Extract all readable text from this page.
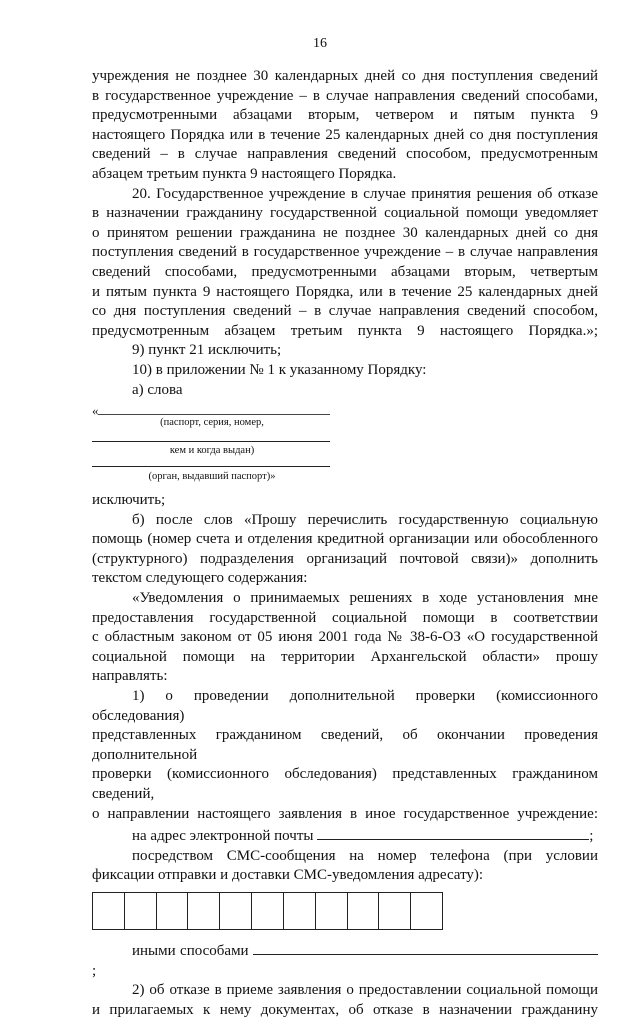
16

учреждения не позднее 30 календарных дней со дня поступления сведений

в государственное учреждение – в случае направления сведений способами,

предусмотренными абзацами вторым, четвером и пятым пункта 9

настоящего Порядка или в течение 25 календарных дней со дня поступления

сведений – в случае направления сведений способом, предусмотренным

абзацем третьим пункта 9 настоящего Порядка.

20. Государственное учреждение в случае принятия решения об отказе

в назначении гражданину государственной социальной помощи уведомляет

о принятом решении гражданина не позднее 30 календарных дней со дня

поступления сведений в государственное учреждение – в случае направления

сведений способами, предусмотренными абзацами вторым, четвертым

и пятым пункта 9 настоящего Порядка, или в течение 25 календарных дней

со дня поступления сведений – в случае направления сведений способом,

предусмотренным абзацем третьим пункта 9 настоящего Порядка.»;

9) пункт 21 исключить;

10) в приложении № 1 к указанному Порядку:

а) слова

«
(паспорт, серия, номер,
кем и когда выдан)
(орган, выдавший паспорт)»

исключить;

б) после слов «Прошу перечислить государственную социальную

помощь (номер счета и отделения кредитной организации или обособленного

(структурного) подразделения организаций почтовой связи)» дополнить

текстом следующего содержания:

«Уведомления о принимаемых решениях в ходе установления мне

предоставления государственной социальной помощи в соответствии

с областным законом от 05 июня 2001 года № 38-6-ОЗ «О государственной

социальной помощи на территории Архангельской области» прошу направлять:

1) о проведении дополнительной проверки (комиссионного обследования)

представленных гражданином сведений, об окончании проведения дополнительной

проверки (комиссионного обследования) представленных гражданином сведений,

о направлении настоящего заявления в иное государственное учреждение:

на адрес электронной почты	;

посредством СМС-сообщения на номер телефона (при условии

фиксации отправки и доставки СМС-уведомления адресату):

иными способами ;

2) об отказе в приеме заявления о предоставлении социальной помощи

и прилагаемых к нему документах, об отказе в назначении гражданину
